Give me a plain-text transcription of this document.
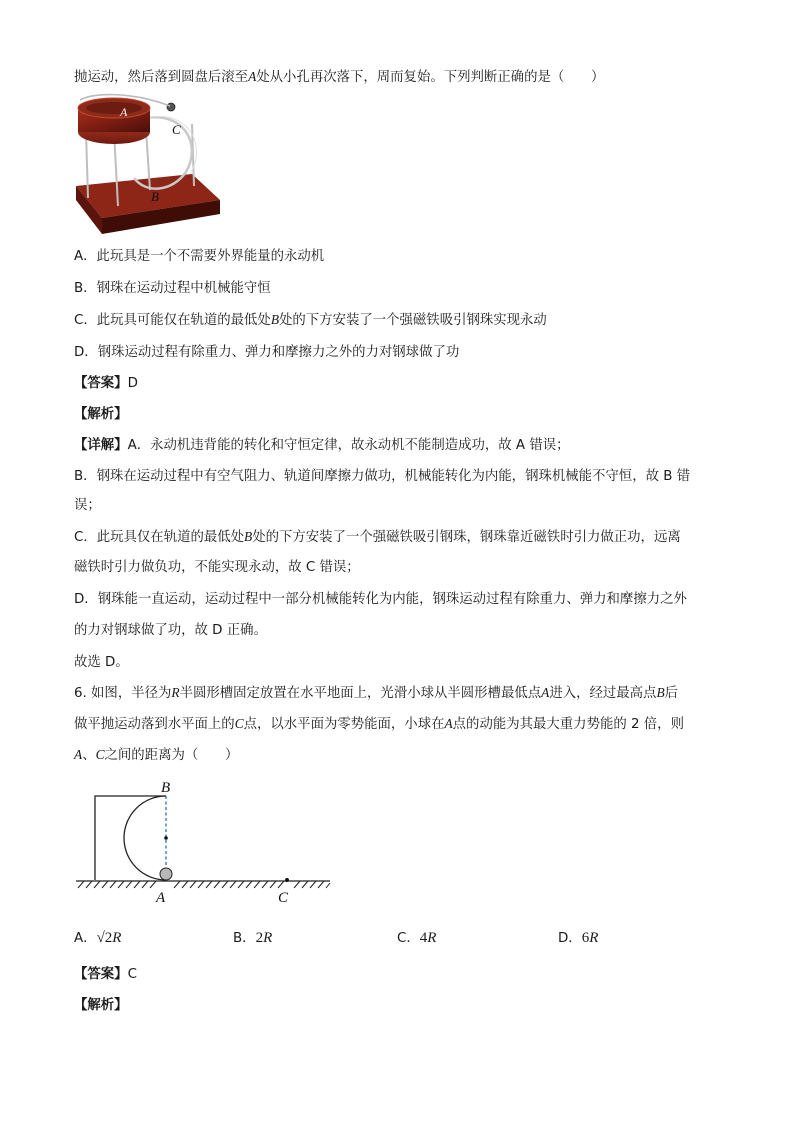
抛运动，然后落到圆盘后滚至A处从小孔再次落下，周而复始。下列判断正确的是（　　）
A
C
B
A．此玩具是一个不需要外界能量的永动机
B．钢珠在运动过程中机械能守恒
C．此玩具可能仅在轨道的最低处B处的下方安装了一个强磁铁吸引钢珠实现永动
D．钢珠运动过程有除重力、弹力和摩擦力之外的力对钢球做了功
【答案】D
【解析】
【详解】A．永动机违背能的转化和守恒定律，故永动机不能制造成功，故 A 错误；
B．钢珠在运动过程中有空气阻力、轨道间摩擦力做功，机械能转化为内能，钢珠机械能不守恒，故 B 错
误；
C．此玩具仅在轨道的最低处B处的下方安装了一个强磁铁吸引钢珠，钢珠靠近磁铁时引力做正功，远离
磁铁时引力做负功，不能实现永动，故 C 错误；
D．钢珠能一直运动，运动过程中一部分机械能转化为内能，钢珠运动过程有除重力、弹力和摩擦力之外
的力对钢球做了功，故 D 正确。
故选 D。
6. 如图，半径为R半圆形槽固定放置在水平地面上，光滑小球从半圆形槽最低点A进入，经过最高点B后
做平抛运动落到水平面上的C点，以水平面为零势能面，小球在A点的动能为其最大重力势能的 2 倍，则
A、C之间的距离为（　　）
B
A	C
A．√2R	B．2R	C．4R	D．6R
【答案】C
【解析】
